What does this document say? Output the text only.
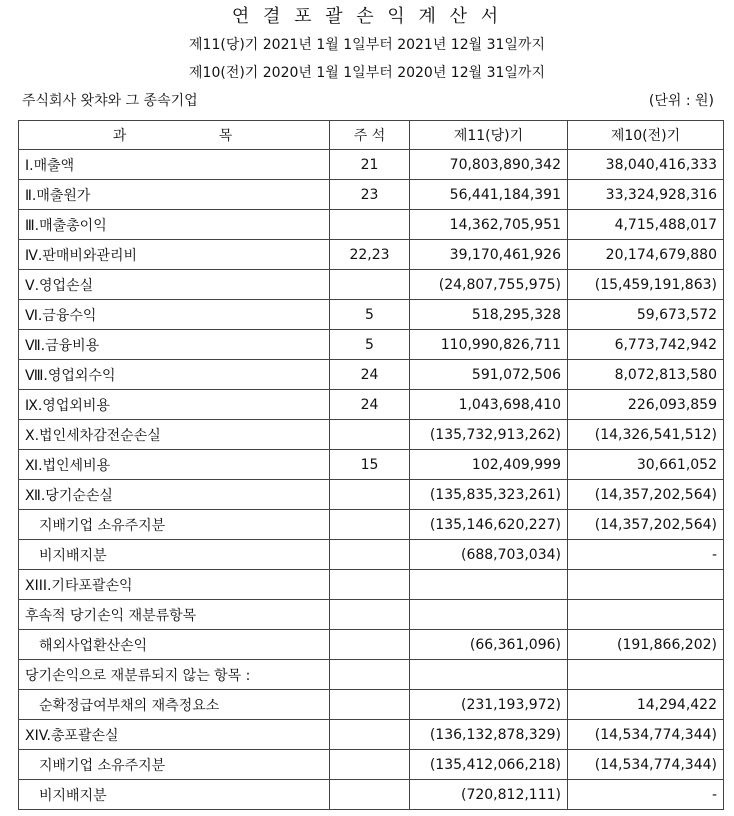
연 결 포 괄 손 익 계 산 서
제11(당)기 2021년 1월 1일부터 2021년 12월 31일까지
제10(전)기 2020년 1월 1일부터 2020년 12월 31일까지
주식회사 왓챠와 그 종속기업	(단위 : 원)
과            목	주 석	제11(당)기	제10(전)기
Ⅰ.매출액	21	70,803,890,342	38,040,416,333
Ⅱ.매출원가	23	56,441,184,391	33,324,928,316
Ⅲ.매출총이익		14,362,705,951	4,715,488,017
Ⅳ.판매비와관리비	22,23	39,170,461,926	20,174,679,880
Ⅴ.영업손실		(24,807,755,975)	(15,459,191,863)
Ⅵ.금융수익	5	518,295,328	59,673,572
Ⅶ.금융비용	5	110,990,826,711	6,773,742,942
Ⅷ.영업외수익	24	591,072,506	8,072,813,580
Ⅸ.영업외비용	24	1,043,698,410	226,093,859
Ⅹ.법인세차감전순손실		(135,732,913,262)	(14,326,541,512)
Ⅺ.법인세비용	15	102,409,999	30,661,052
Ⅻ.당기순손실		(135,835,323,261)	(14,357,202,564)
지배기업 소유주지분		(135,146,620,227)	(14,357,202,564)
비지배지분		(688,703,034)	-
XIII.기타포괄손익			
후속적 당기손익 재분류항목			
해외사업환산손익		(66,361,096)	(191,866,202)
당기손익으로 재분류되지 않는 항목 :			
순확정급여부채의 재측정요소		(231,193,972)	14,294,422
XIV.총포괄손실		(136,132,878,329)	(14,534,774,344)
지배기업 소유주지분		(135,412,066,218)	(14,534,774,344)
비지배지분		(720,812,111)	-
